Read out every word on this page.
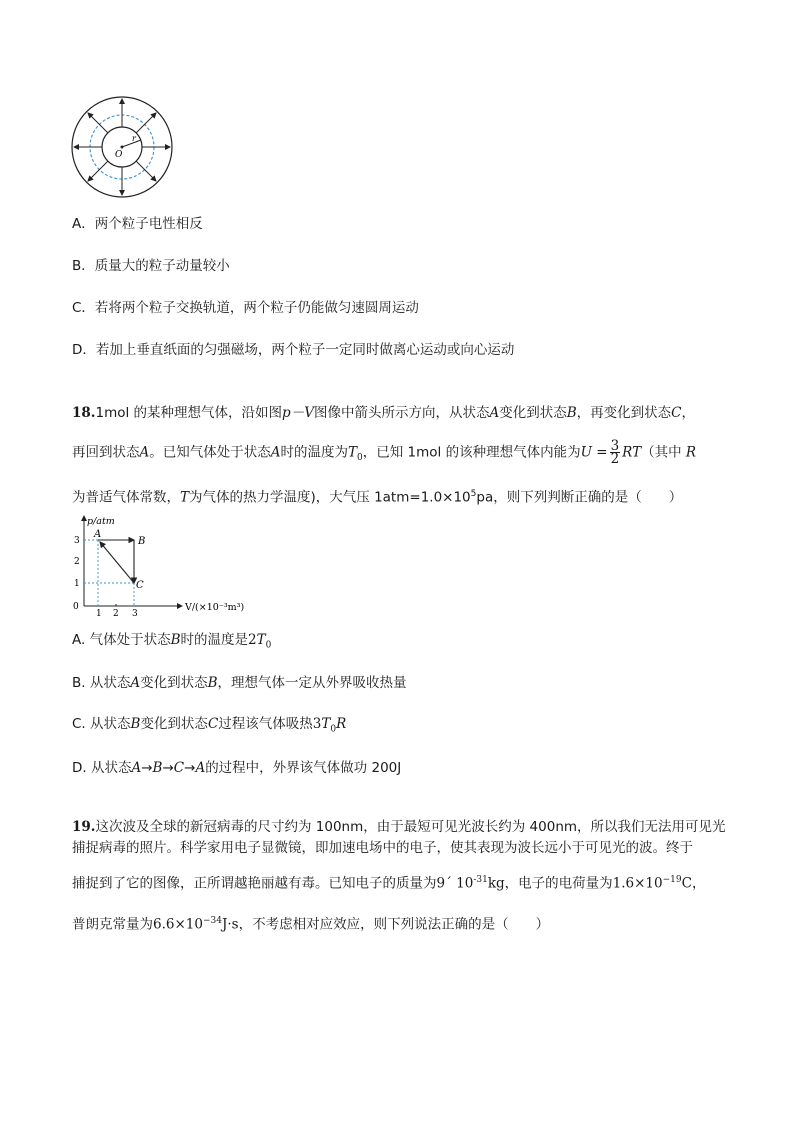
O
r
A．两个粒子电性相反
B．质量大的粒子动量较小
C．若将两个粒子交换轨道，两个粒子仍能做匀速圆周运动
D．若加上垂直纸面的匀强磁场，两个粒子一定同时做离心运动或向心运动
18.1mol 的某种理想气体，沿如图p－V图像中箭头所示方向，从状态A变化到状态B，再变化到状态C，
再回到状态A。已知气体处于状态A时的温度为$T_0$，已知 1mol 的该种理想气体内能为$U = \frac{3}{2} RT$（其中 R
为普适气体常数，T为气体的热力学温度)，大气压 $1atm=1.0\times 10^5pa$，则下列判断正确的是（　　）
p/atm
V/(×10⁻³m³)
0
1
2
3
1 2 3
A
B
C
A. 气体处于状态B时的温度是$2T_0$
B. 从状态A变化到状态B，理想气体一定从外界吸收热量
C. 从状态B变化到状态C过程该气体吸热$3T_0R$
D. 从状态A→B→C→A的过程中，外界该气体做功 200J
19.这次波及全球的新冠病毒的尺寸约为 100nm，由于最短可见光波长约为 400nm，所以我们无法用可见光
捕捉病毒的照片。科学家用电子显微镜，即加速电场中的电子，使其表现为波长远小于可见光的波。终于
捕捉到了它的图像，正所谓越艳丽越有毒。已知电子的质量为9´ $10^{-31}kg$，电子的电荷量为$1.6\times 10^{-19}C$，
普朗克常量为$6.6\times 10^{-34}J\cdot s$，不考虑相对应效应，则下列说法正确的是（　　）
